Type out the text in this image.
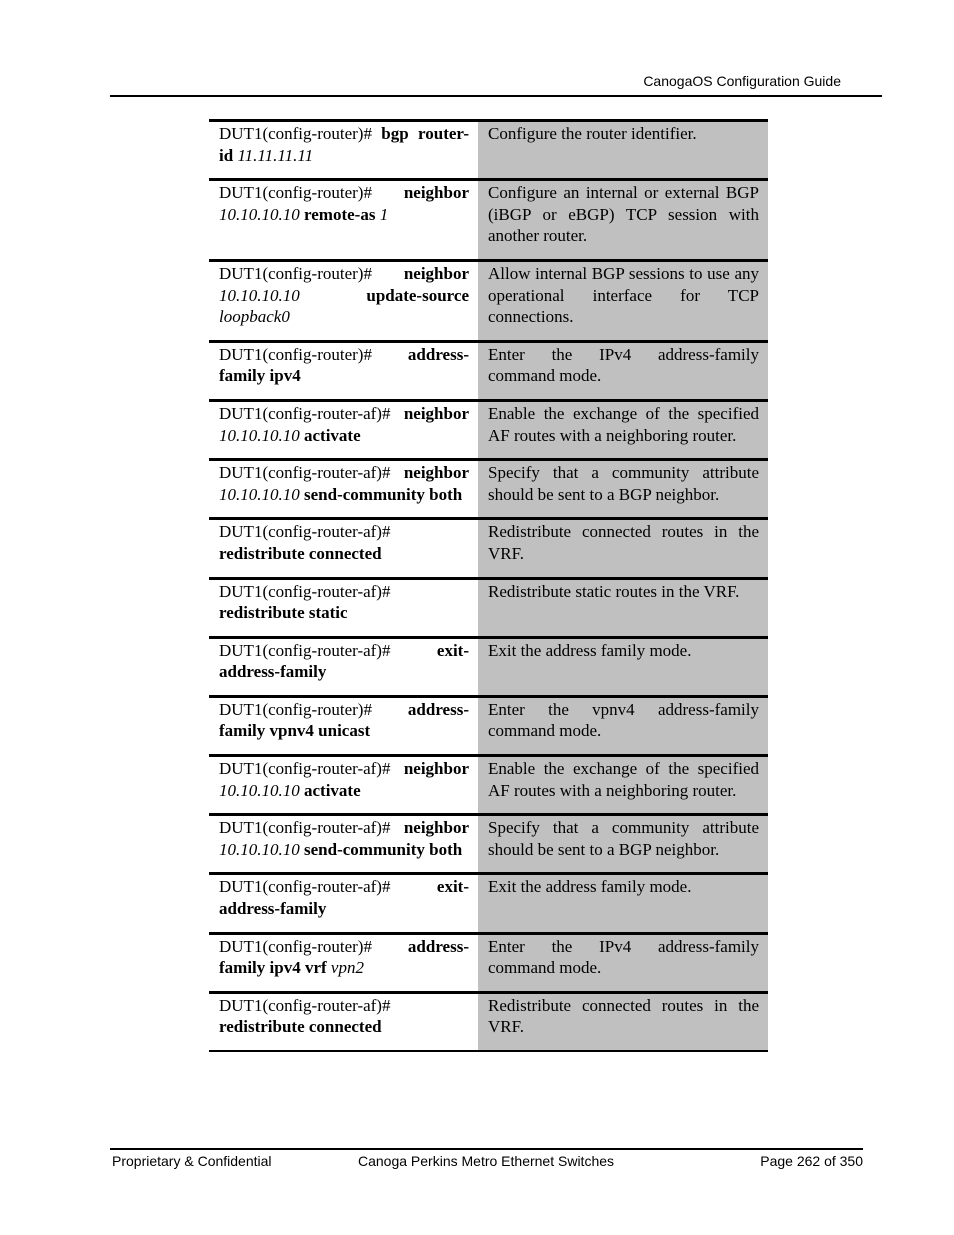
CanogaOS Configuration Guide
DUT1(config-router)# bgp router-id 11.11.11.11	Configure the router identifier.
DUT1(config-router)# neighbor 10.10.10.10 remote-as 1	Configure an internal or external BGP (iBGP or eBGP) TCP session with another router.
DUT1(config-router)# neighbor 10.10.10.10 update-source loopback0	Allow internal BGP sessions to use any operational interface for TCP connections.
DUT1(config-router)# address-family ipv4	Enter the IPv4 address-family command mode.
DUT1(config-router-af)# neighbor 10.10.10.10 activate	Enable the exchange of the specified AF routes with a neighboring router.
DUT1(config-router-af)# neighbor 10.10.10.10 send-community both	Specify that a community attribute should be sent to a BGP neighbor.
DUT1(config-router-af)# redistribute connected	Redistribute connected routes in the VRF.
DUT1(config-router-af)# redistribute static	Redistribute static routes in the VRF.
DUT1(config-router-af)# exit-address-family	Exit the address family mode.
DUT1(config-router)# address-family vpnv4 unicast	Enter the vpnv4 address-family command mode.
DUT1(config-router-af)# neighbor 10.10.10.10 activate	Enable the exchange of the specified AF routes with a neighboring router.
DUT1(config-router-af)# neighbor 10.10.10.10 send-community both	Specify that a community attribute should be sent to a BGP neighbor.
DUT1(config-router-af)# exit-address-family	Exit the address family mode.
DUT1(config-router)# address-family ipv4 vrf vpn2	Enter the IPv4 address-family command mode.
DUT1(config-router-af)# redistribute connected	Redistribute connected routes in the VRF.
Proprietary & Confidential	Canoga Perkins Metro Ethernet Switches	Page 262 of 350
